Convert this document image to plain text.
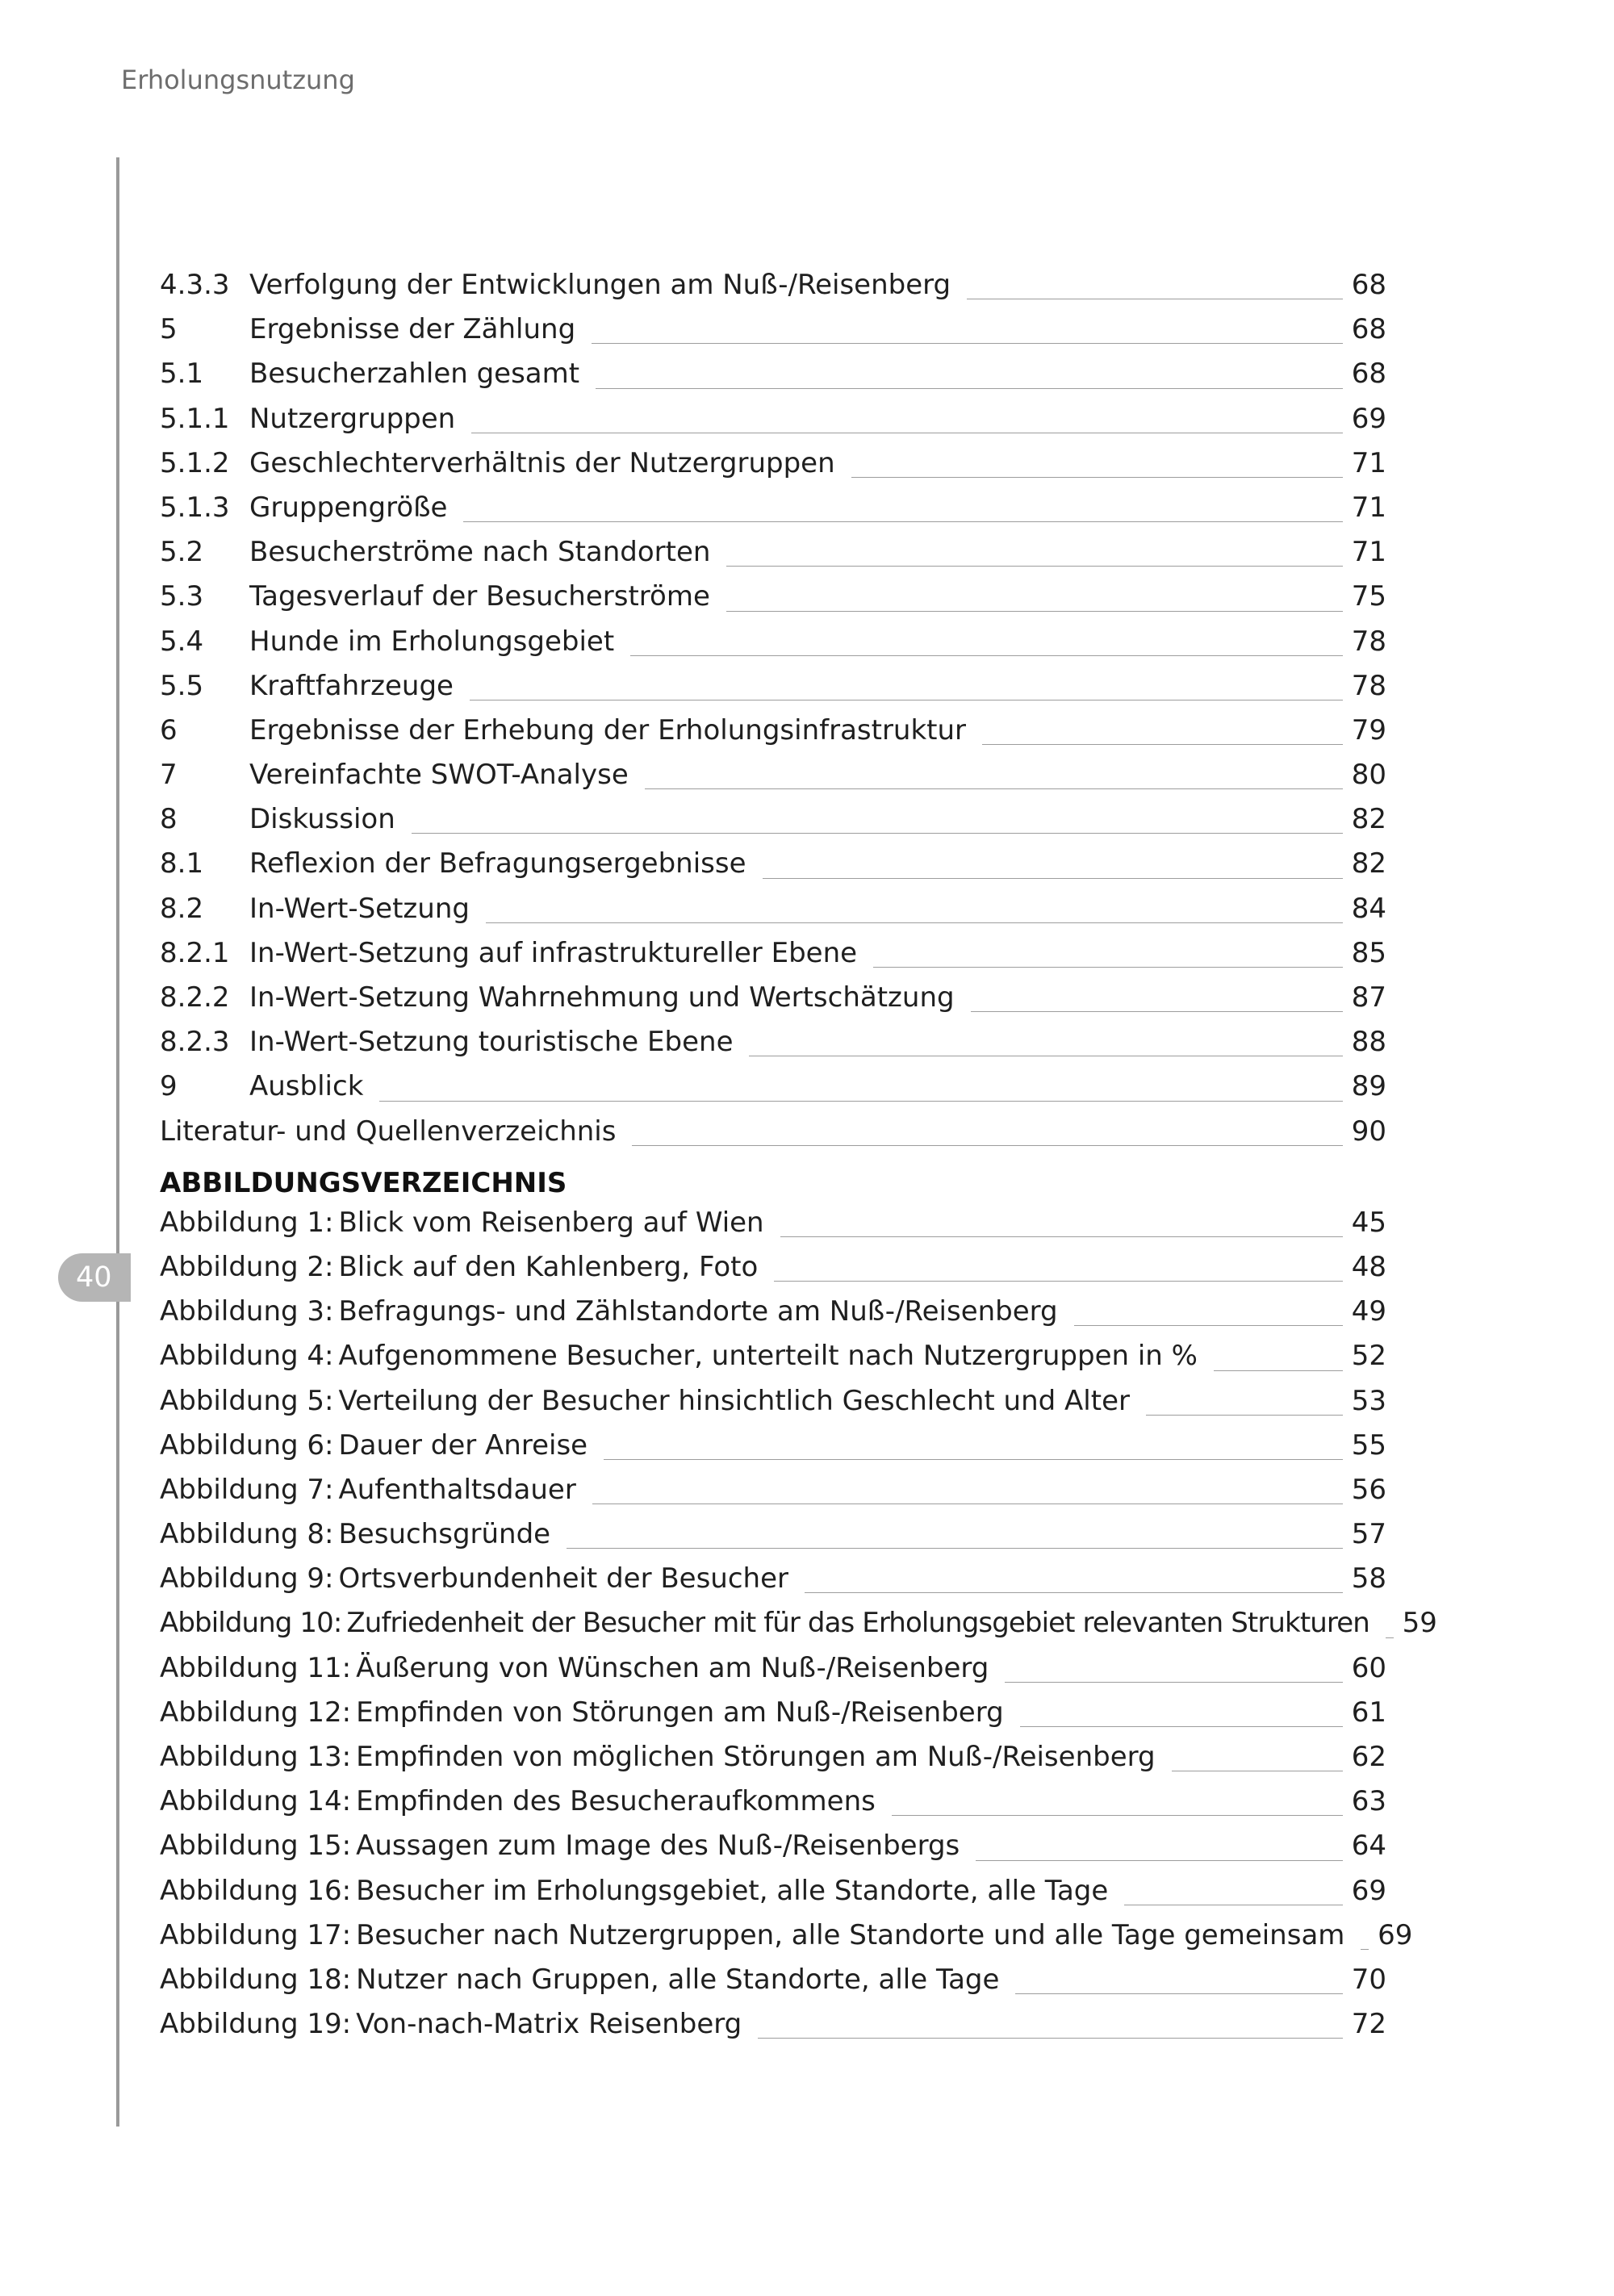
Erholungsnutzung
40
4.3.3 Verfolgung der Entwicklungen am Nuß-/Reisenberg	68
5	Ergebnisse der Zählung	68
5.1	Besucherzahlen gesamt	68
5.1.1 Nutzergruppen	69
5.1.2 Geschlechterverhältnis der Nutzergruppen	71
5.1.3 Gruppengröße	71
5.2	Besucherströme nach Standorten	71
5.3	Tagesverlauf der Besucherströme	75
5.4	Hunde im Erholungsgebiet	78
5.5	Kraftfahrzeuge	78
6	Ergebnisse der Erhebung der Erholungsinfrastruktur	79
7	Vereinfachte SWOT-Analyse	80
8	Diskussion	82
8.1	Reflexion der Befragungsergebnisse	82
8.2	In-Wert-Setzung	84
8.2.1 In-Wert-Setzung auf infrastruktureller Ebene	85
8.2.2 In-Wert-Setzung Wahrnehmung und Wertschätzung	87
8.2.3 In-Wert-Setzung touristische Ebene	88
9	Ausblick	89
Literatur- und Quellenverzeichnis	90
ABBILDUNGSVERZEICHNIS
Abbildung 1: Blick vom Reisenberg auf Wien	45
Abbildung 2: Blick auf den Kahlenberg, Foto	48
Abbildung 3: Befragungs- und Zählstandorte am Nuß-/Reisenberg	49
Abbildung 4: Aufgenommene Besucher, unterteilt nach Nutzergruppen in %	52
Abbildung 5: Verteilung der Besucher hinsichtlich Geschlecht und Alter	53
Abbildung 6: Dauer der Anreise	55
Abbildung 7: Aufenthaltsdauer	56
Abbildung 8: Besuchsgründe	57
Abbildung 9: Ortsverbundenheit der Besucher	58
Abbildung 10: Zufriedenheit der Besucher mit für das Erholungsgebiet relevanten Strukturen 59
Abbildung 11: Äußerung von Wünschen am Nuß-/Reisenberg	60
Abbildung 12: Empfinden von Störungen am Nuß-/Reisenberg	61
Abbildung 13: Empfinden von möglichen Störungen am Nuß-/Reisenberg	62
Abbildung 14: Empfinden des Besucheraufkommens	63
Abbildung 15: Aussagen zum Image des Nuß-/Reisenbergs	64
Abbildung 16: Besucher im Erholungsgebiet, alle Standorte, alle Tage	69
Abbildung 17: Besucher nach Nutzergruppen, alle Standorte und alle Tage gemeinsam 69
Abbildung 18: Nutzer nach Gruppen, alle Standorte, alle Tage	70
Abbildung 19: Von-nach-Matrix Reisenberg	72
